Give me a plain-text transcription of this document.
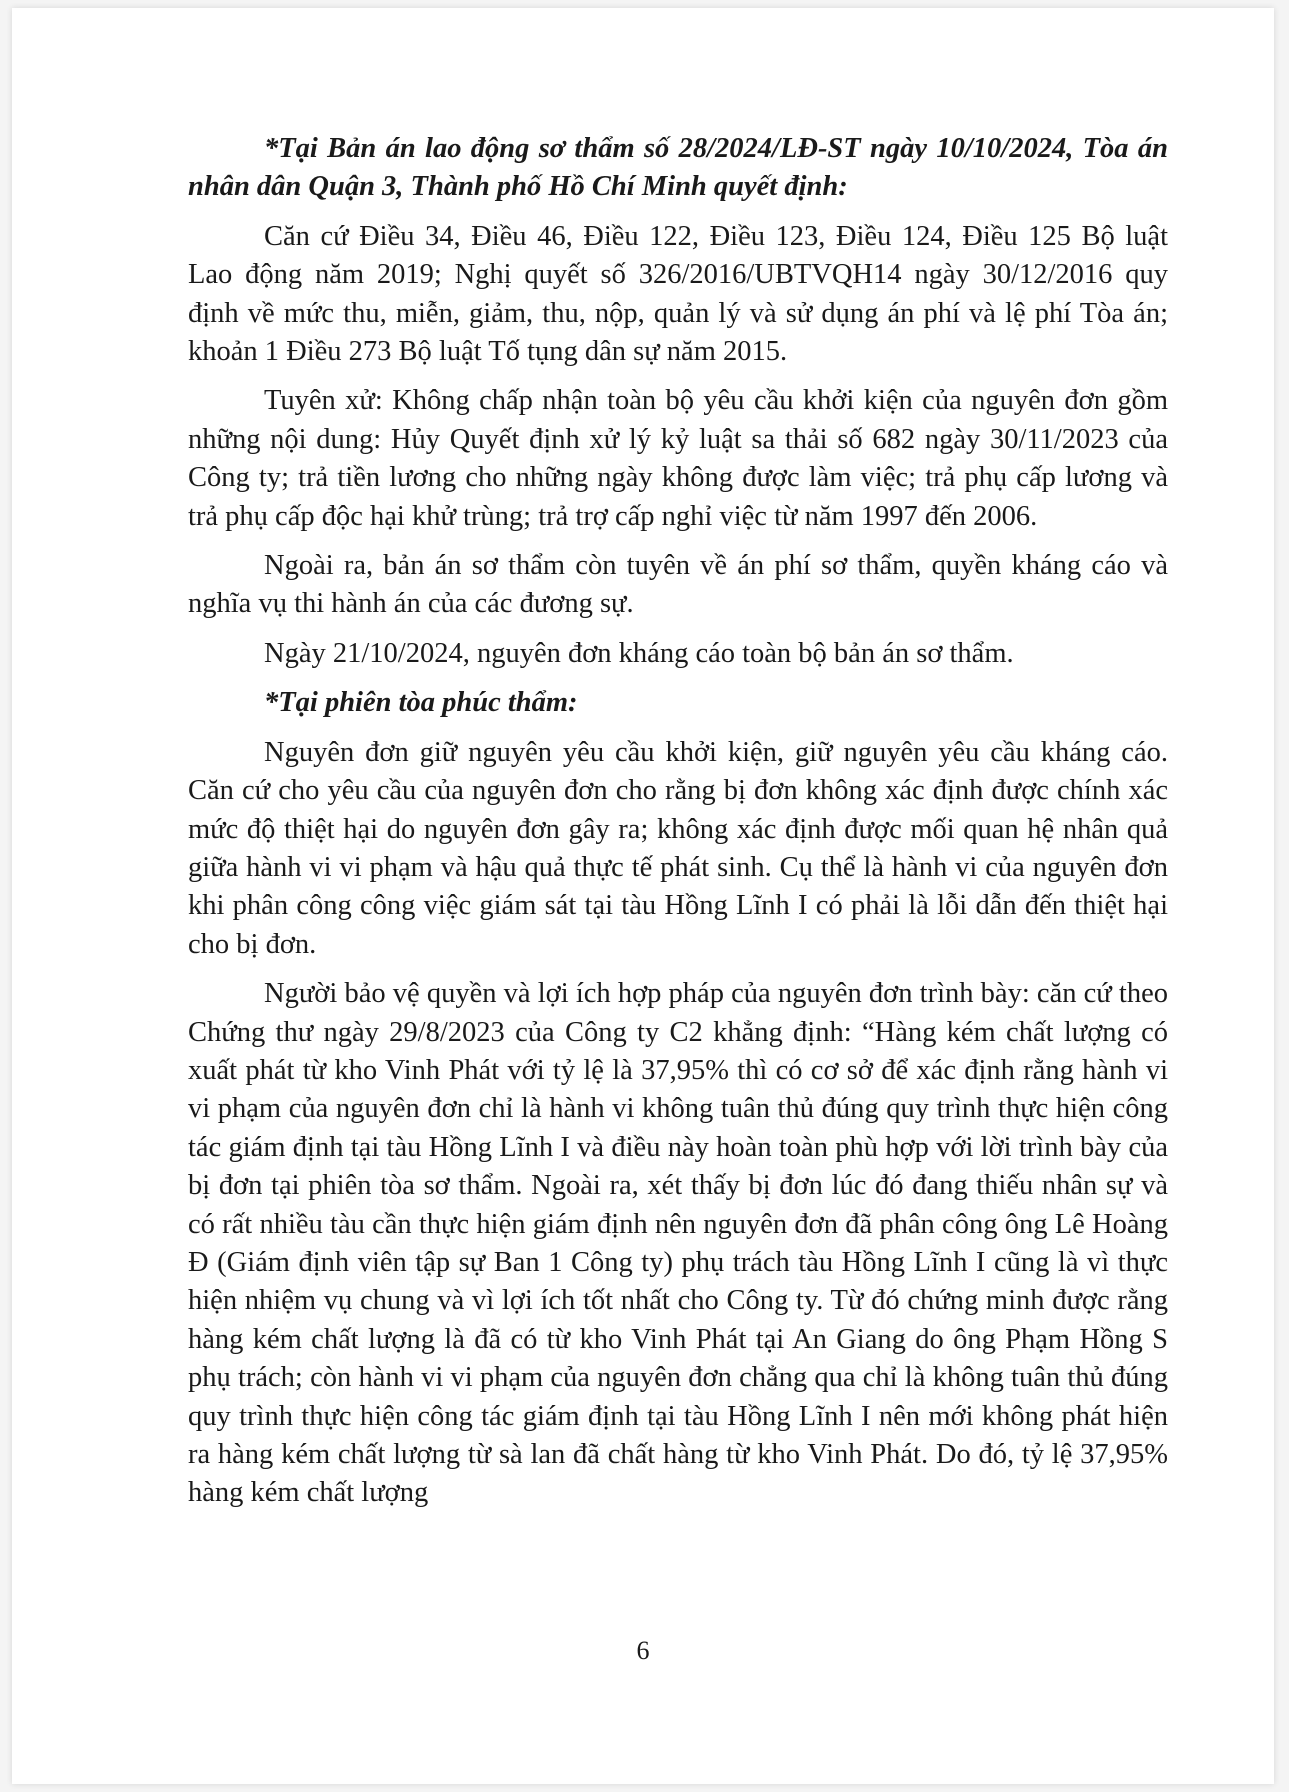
*Tại Bản án lao động sơ thẩm số 28/2024/LĐ-ST ngày 10/10/2024, Tòa án nhân dân Quận 3, Thành phố Hồ Chí Minh quyết định:

Căn cứ Điều 34, Điều 46, Điều 122, Điều 123, Điều 124, Điều 125 Bộ luật Lao động năm 2019; Nghị quyết số 326/2016/UBTVQH14 ngày 30/12/2016 quy định về mức thu, miễn, giảm, thu, nộp, quản lý và sử dụng án phí và lệ phí Tòa án; khoản 1 Điều 273 Bộ luật Tố tụng dân sự năm 2015.

Tuyên xử: Không chấp nhận toàn bộ yêu cầu khởi kiện của nguyên đơn gồm những nội dung: Hủy Quyết định xử lý kỷ luật sa thải số 682 ngày 30/11/2023 của Công ty; trả tiền lương cho những ngày không được làm việc; trả phụ cấp lương và trả phụ cấp độc hại khử trùng; trả trợ cấp nghỉ việc từ năm 1997 đến 2006.

Ngoài ra, bản án sơ thẩm còn tuyên về án phí sơ thẩm, quyền kháng cáo và nghĩa vụ thi hành án của các đương sự.

Ngày 21/10/2024, nguyên đơn kháng cáo toàn bộ bản án sơ thẩm.

*Tại phiên tòa phúc thẩm:

Nguyên đơn giữ nguyên yêu cầu khởi kiện, giữ nguyên yêu cầu kháng cáo. Căn cứ cho yêu cầu của nguyên đơn cho rằng bị đơn không xác định được chính xác mức độ thiệt hại do nguyên đơn gây ra; không xác định được mối quan hệ nhân quả giữa hành vi vi phạm và hậu quả thực tế phát sinh. Cụ thể là hành vi của nguyên đơn khi phân công công việc giám sát tại tàu Hồng Lĩnh I có phải là lỗi dẫn đến thiệt hại cho bị đơn.

Người bảo vệ quyền và lợi ích hợp pháp của nguyên đơn trình bày: căn cứ theo Chứng thư ngày 29/8/2023 của Công ty C2 khẳng định: “Hàng kém chất lượng có xuất phát từ kho Vinh Phát với tỷ lệ là 37,95% thì có cơ sở để xác định rằng hành vi vi phạm của nguyên đơn chỉ là hành vi không tuân thủ đúng quy trình thực hiện công tác giám định tại tàu Hồng Lĩnh I và điều này hoàn toàn phù hợp với lời trình bày của bị đơn tại phiên tòa sơ thẩm. Ngoài ra, xét thấy bị đơn lúc đó đang thiếu nhân sự và có rất nhiều tàu cần thực hiện giám định nên nguyên đơn đã phân công ông Lê Hoàng Đ (Giám định viên tập sự Ban 1 Công ty) phụ trách tàu Hồng Lĩnh I cũng là vì thực hiện nhiệm vụ chung và vì lợi ích tốt nhất cho Công ty. Từ đó chứng minh được rằng hàng kém chất lượng là đã có từ kho Vinh Phát tại An Giang do ông Phạm Hồng S phụ trách; còn hành vi vi phạm của nguyên đơn chẳng qua chỉ là không tuân thủ đúng quy trình thực hiện công tác giám định tại tàu Hồng Lĩnh I nên mới không phát hiện ra hàng kém chất lượng từ sà lan đã chất hàng từ kho Vinh Phát. Do đó, tỷ lệ 37,95% hàng kém chất lượng

6
